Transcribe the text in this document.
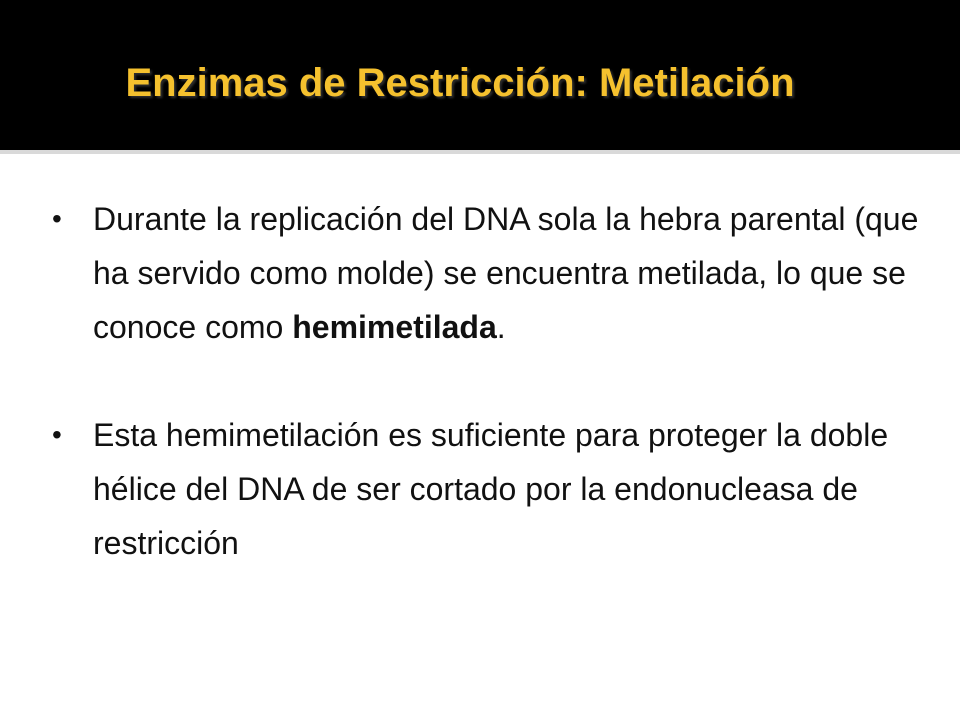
Enzimas de Restricción: Metilación
• Durante la replicación del DNA sola la hebra parental (que ha servido como molde) se encuentra metilada, lo que se conoce como hemimetilada.
• Esta hemimetilación es suficiente para proteger la doble hélice del DNA de ser cortado por la endonucleasa de restricción
